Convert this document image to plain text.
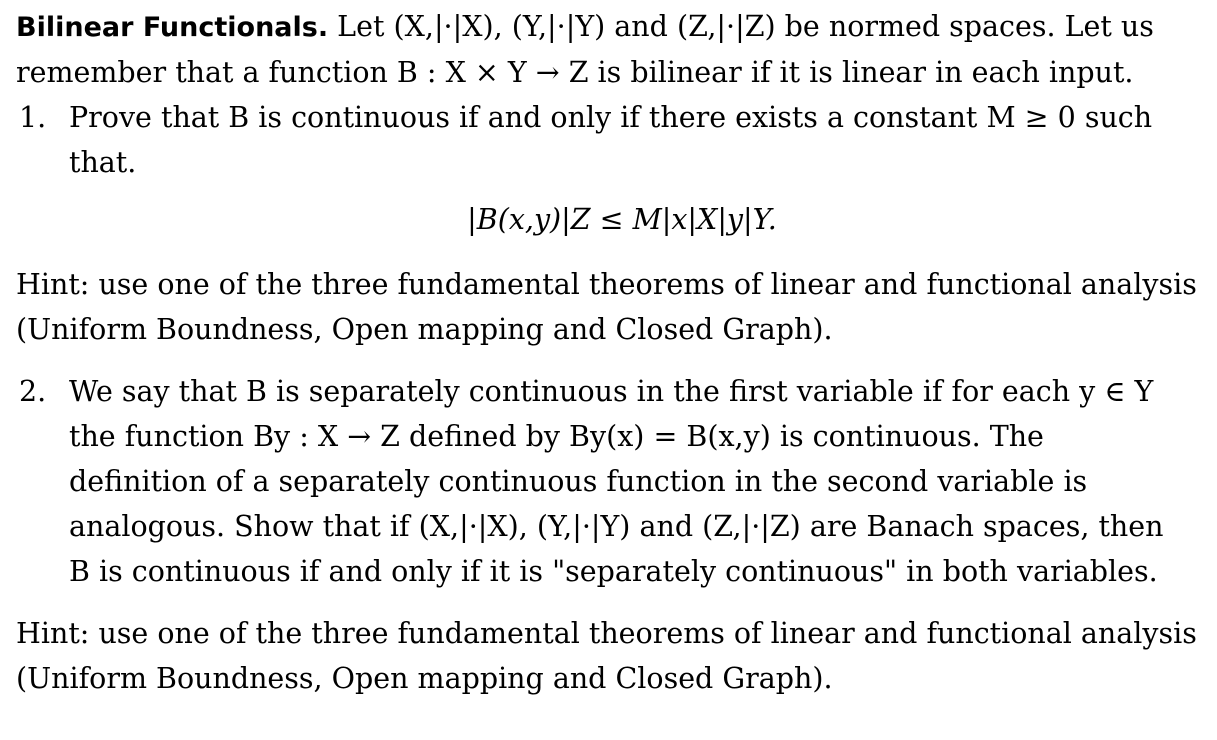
Bilinear Functionals. Let (X,|·|X), (Y,|·|Y) and (Z,|·|Z) be normed spaces. Let us
remember that a function B : X × Y → Z is bilinear if it is linear in each input.

1. Prove that B is continuous if and only if there exists a constant M ≥ 0 such
that.

|B(x,y)|Z ≤ M|x|X|y|Y.

Hint: use one of the three fundamental theorems of linear and functional analysis
(Uniform Boundness, Open mapping and Closed Graph).

2. We say that B is separately continuous in the first variable if for each y ∈ Y
the function By : X → Z defined by By(x) = B(x,y) is continuous. The
definition of a separately continuous function in the second variable is
analogous. Show that if (X,|·|X), (Y,|·|Y) and (Z,|·|Z) are Banach spaces, then
B is continuous if and only if it is "separately continuous" in both variables.

Hint: use one of the three fundamental theorems of linear and functional analysis
(Uniform Boundness, Open mapping and Closed Graph).
